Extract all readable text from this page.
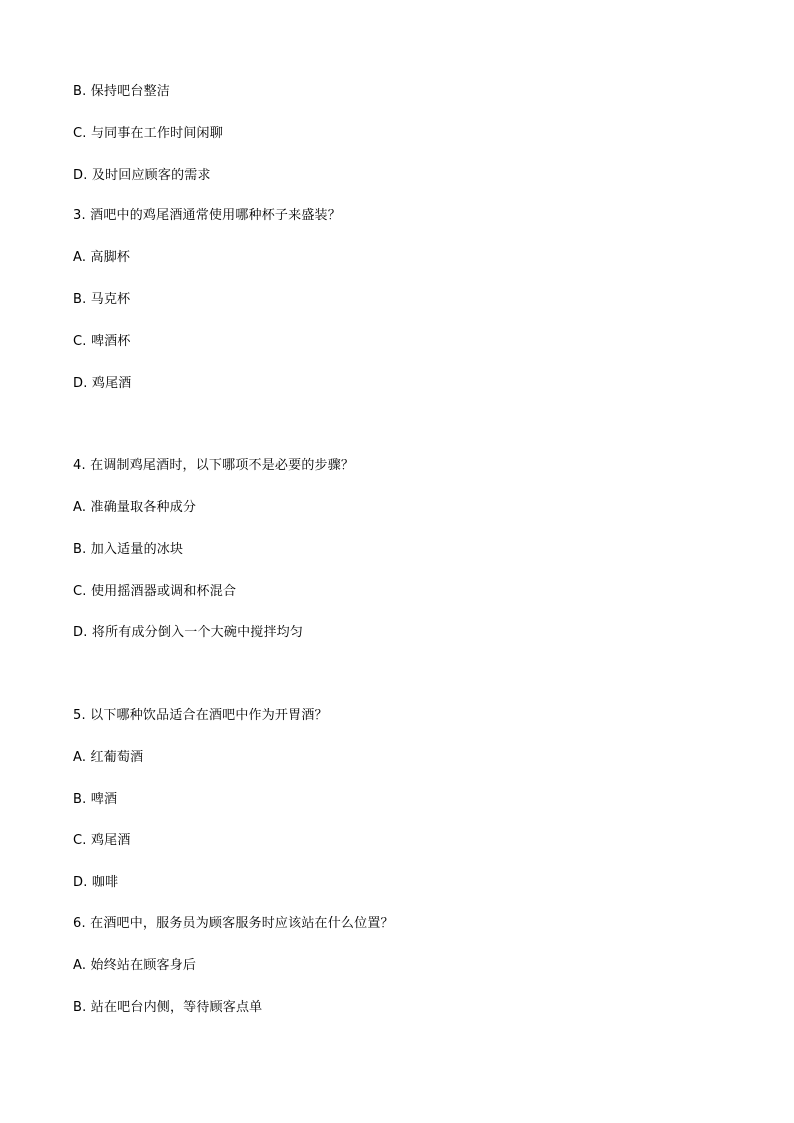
B. 保持吧台整洁
C. 与同事在工作时间闲聊
D. 及时回应顾客的需求
3. 酒吧中的鸡尾酒通常使用哪种杯子来盛装？
A. 高脚杯
B. 马克杯
C. 啤酒杯
D. 鸡尾酒
4. 在调制鸡尾酒时，以下哪项不是必要的步骤？
A. 准确量取各种成分
B. 加入适量的冰块
C. 使用摇酒器或调和杯混合
D. 将所有成分倒入一个大碗中搅拌均匀
5. 以下哪种饮品适合在酒吧中作为开胃酒？
A. 红葡萄酒
B. 啤酒
C. 鸡尾酒
D. 咖啡
6. 在酒吧中，服务员为顾客服务时应该站在什么位置？
A. 始终站在顾客身后
B. 站在吧台内侧，等待顾客点单
